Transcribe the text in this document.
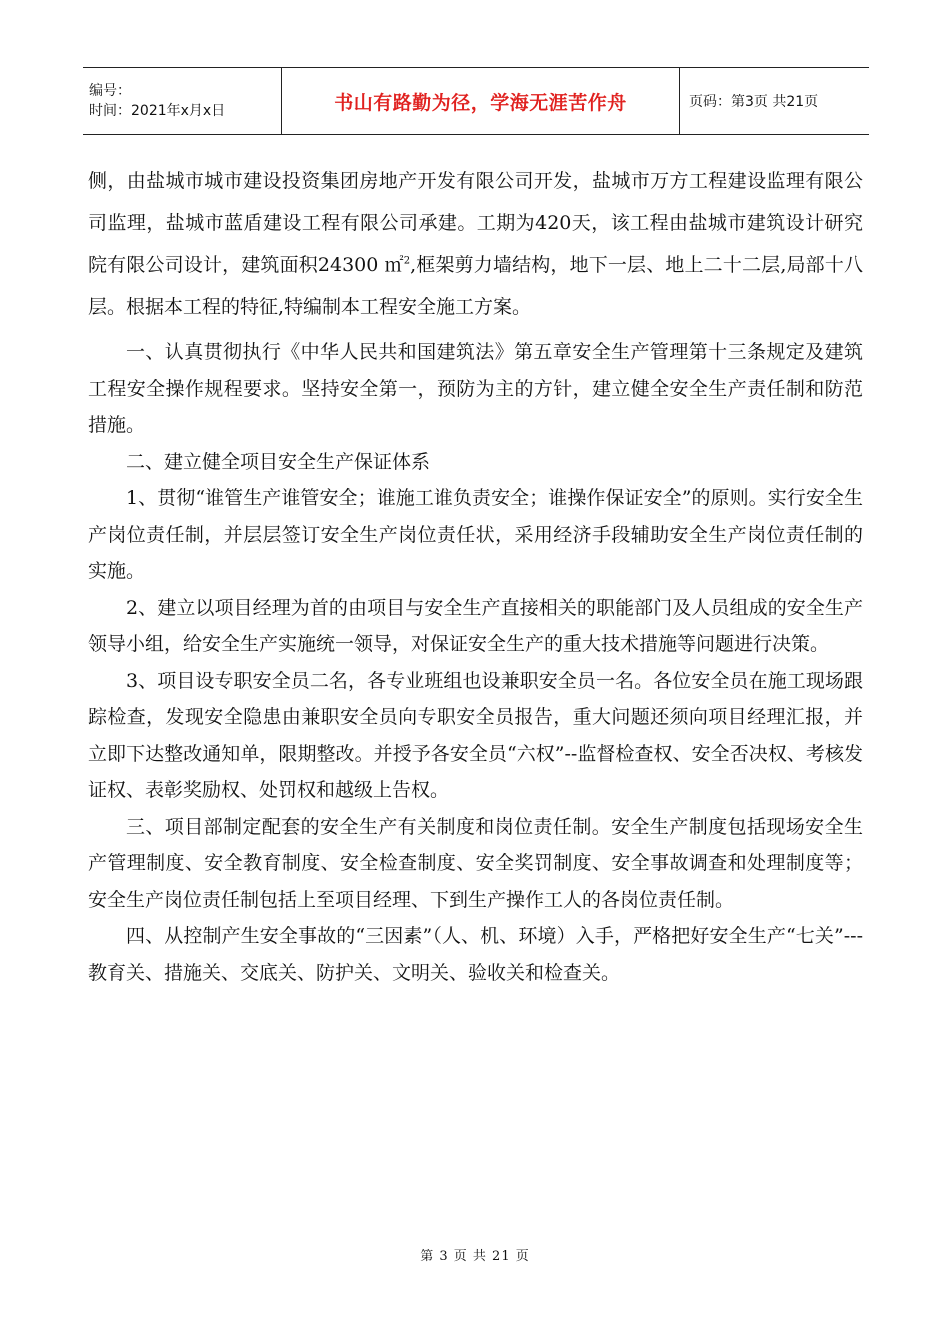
编号：
时间：2021年x月x日	书山有路勤为径，学海无涯苦作舟	页码：第3页 共21页

侧，由盐城市城市建设投资集团房地产开发有限公司开发，盐城市万方工程建设监理有限公司监理，盐城市蓝盾建设工程有限公司承建。工期为420天，该工程由盐城市建筑设计研究院有限公司设计，建筑面积24300 ㎡$^2$,框架剪力墙结构，地下一层、地上二十二层,局部十八层。根据本工程的特征,特编制本工程安全施工方案。

一、认真贯彻执行《中华人民共和国建筑法》第五章安全生产管理第十三条规定及建筑工程安全操作规程要求。坚持安全第一，预防为主的方针，建立健全安全生产责任制和防范措施。

二、建立健全项目安全生产保证体系

1、贯彻“谁管生产谁管安全；谁施工谁负责安全；谁操作保证安全”的原则。实行安全生产岗位责任制，并层层签订安全生产岗位责任状，采用经济手段辅助安全生产岗位责任制的实施。

2、建立以项目经理为首的由项目与安全生产直接相关的职能部门及人员组成的安全生产领导小组，给安全生产实施统一领导，对保证安全生产的重大技术措施等问题进行决策。

3、项目设专职安全员二名，各专业班组也设兼职安全员一名。各位安全员在施工现场跟踪检查，发现安全隐患由兼职安全员向专职安全员报告，重大问题还须向项目经理汇报，并立即下达整改通知单，限期整改。并授予各安全员“六权”--监督检查权、安全否决权、考核发证权、表彰奖励权、处罚权和越级上告权。

三、项目部制定配套的安全生产有关制度和岗位责任制。安全生产制度包括现场安全生产管理制度、安全教育制度、安全检查制度、安全奖罚制度、安全事故调查和处理制度等；安全生产岗位责任制包括上至项目经理、下到生产操作工人的各岗位责任制。

四、从控制产生安全事故的“三因素”（人、机、环境）入手，严格把好安全生产“七关”---教育关、措施关、交底关、防护关、文明关、验收关和检查关。

第 3 页 共 21 页
